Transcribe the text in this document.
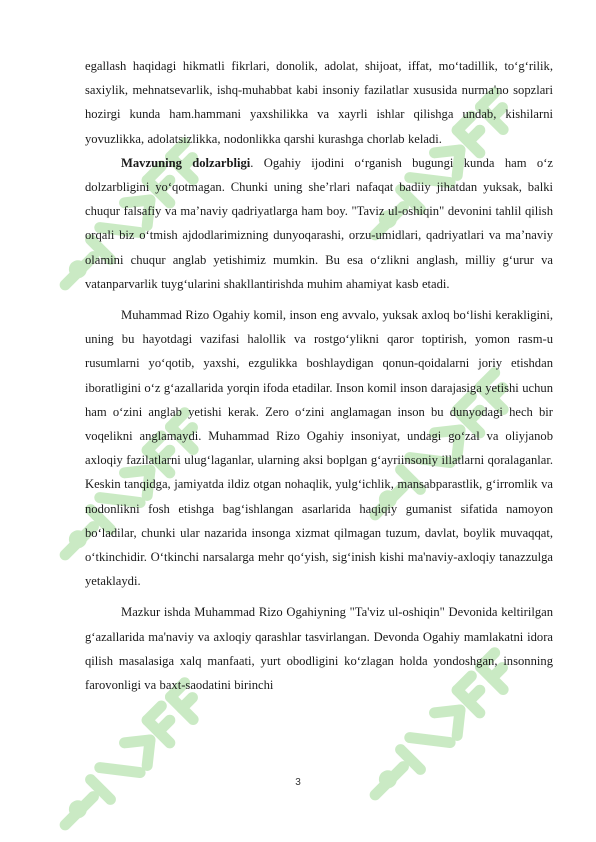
egallash haqidagi hikmatli fikrlari, donolik, adolat, shijoat, iffat, mo‘tadillik, to‘g‘rilik, saxiylik, mehnatsevarlik, ishq-muhabbat kabi insoniy fazilatlar xususida nurma'no sopzlari hozirgi kunda ham.hammani yaxshilikka va xayrli ishlar qilishga undab, kishilarni yovuzlikka, adolatsizlikka, nodonlikka qarshi kurashga chorlab keladi.

Mavzuning dolzarbligi. Ogahiy ijodini o‘rganish bugungi kunda ham o‘z dolzarbligini yo‘qotmagan. Chunki uning she’rlari nafaqat badiiy jihatdan yuksak, balki chuqur falsafiy va ma’naviy qadriyatlarga ham boy. "Taviz ul-oshiqin" devonini tahlil qilish orqali biz o‘tmish ajdodlarimizning dunyoqarashi, orzu-umidlari, qadriyatlari va ma’naviy olamini chuqur anglab yetishimiz mumkin. Bu esa o‘zlikni anglash, milliy g‘urur va vatanparvarlik tuyg‘ularini shakllantirishda muhim ahamiyat kasb etadi.

Muhammad Rizo Ogahiy komil, inson eng avvalo, yuksak axloq bo‘lishi kerakligini, uning bu hayotdagi vazifasi halollik va rostgo‘ylikni qaror toptirish, yomon rasm-u rusumlarni yo‘qotib, yaxshi, ezgulikka boshlaydigan qonun-qoidalarni joriy etishdan iboratligini o‘z g‘azallarida yorqin ifoda etadilar. Inson komil inson darajasiga yetishi uchun ham o‘zini anglab yetishi kerak. Zero o‘zini anglamagan inson bu dunyodagi hech bir voqelikni anglamaydi. Muhammad Rizo Ogahiy insoniyat, undagi go‘zal va oliyjanob axloqiy fazilatlarni ulug‘laganlar, ularning aksi boplgan g‘ayriinsoniy illatlarni qoralaganlar. Keskin tanqidga, jamiyatda ildiz otgan nohaqlik, yulg‘ichlik, mansabparastlik, g‘irromlik va nodonlikni fosh etishga bag‘ishlangan asarlarida haqiqiy gumanist sifatida namoyon bo‘ladilar, chunki ular nazarida insonga xizmat qilmagan tuzum, davlat, boylik muvaqqat, o‘tkinchidir. O‘tkinchi narsalarga mehr qo‘yish, sig‘inish kishi ma'naviy-axloqiy tanazzulga yetaklaydi.

Mazkur ishda Muhammad Rizo Ogahiyning "Ta'viz ul-oshiqin" Devonida keltirilgan g‘azallarida ma'naviy va axloqiy qarashlar tasvirlangan. Devonda Ogahiy mamlakatni idora qilish masalasiga xalq manfaati, yurt obodligini ko‘zlagan holda yondoshgan, insonning farovonligi va baxt-saodatini birinchi

3
